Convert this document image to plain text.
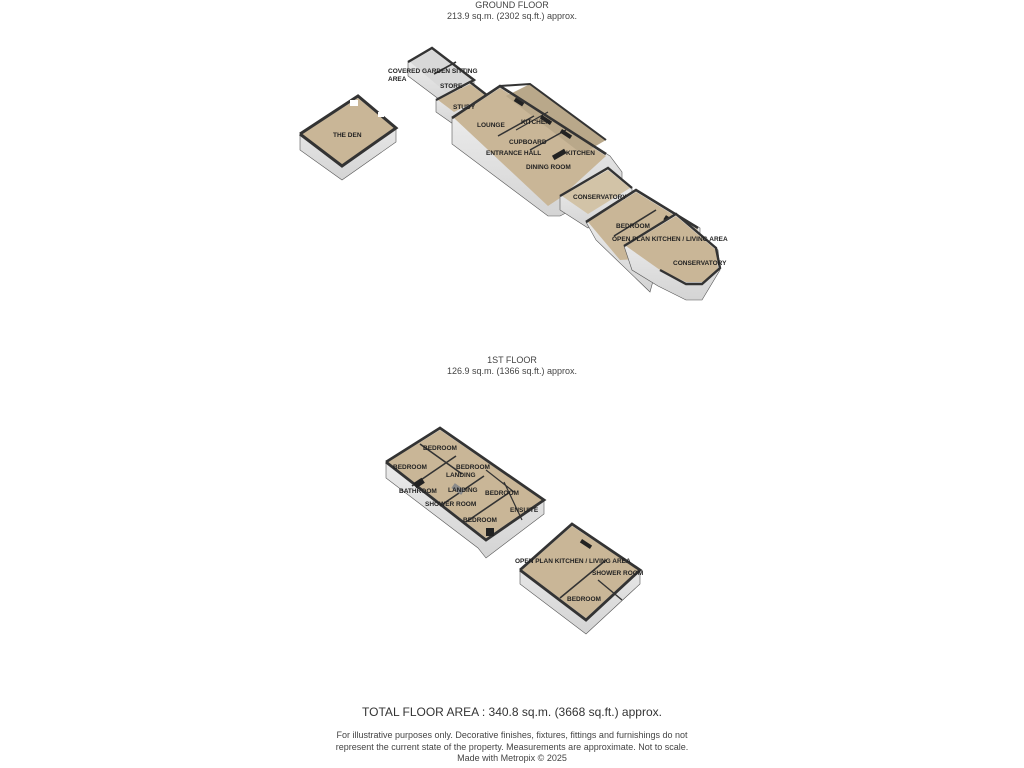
GROUND FLOOR
213.9 sq.m. (2302 sq.ft.) approx.
1ST FLOOR
126.9 sq.m. (1366 sq.ft.) approx.
COVERED GARDEN SITTING
AREA
STORE
STUDY
THE DEN
LOUNGE KITCHEN
CUPBOARD
ENTRANCE HALL	KITCHEN
DINING ROOM
CONSERVATORY
BEDROOM
OPEN PLAN KITCHEN / LIVING AREA
CONSERVATORY
BEDROOM
BEDROOM	BEDROOM
LANDING
BATHROOM LANDING BEDROOM
SHOWER ROOM
ENSUITE
BEDROOM
OPEN PLAN KITCHEN / LIVING AREA
SHOWER ROOM
BEDROOM
TOTAL FLOOR AREA : 340.8 sq.m. (3668 sq.ft.) approx.
For illustrative purposes only. Decorative finishes, fixtures, fittings and furnishings do not
represent the current state of the property. Measurements are approximate. Not to scale.
Made with Metropix © 2025
